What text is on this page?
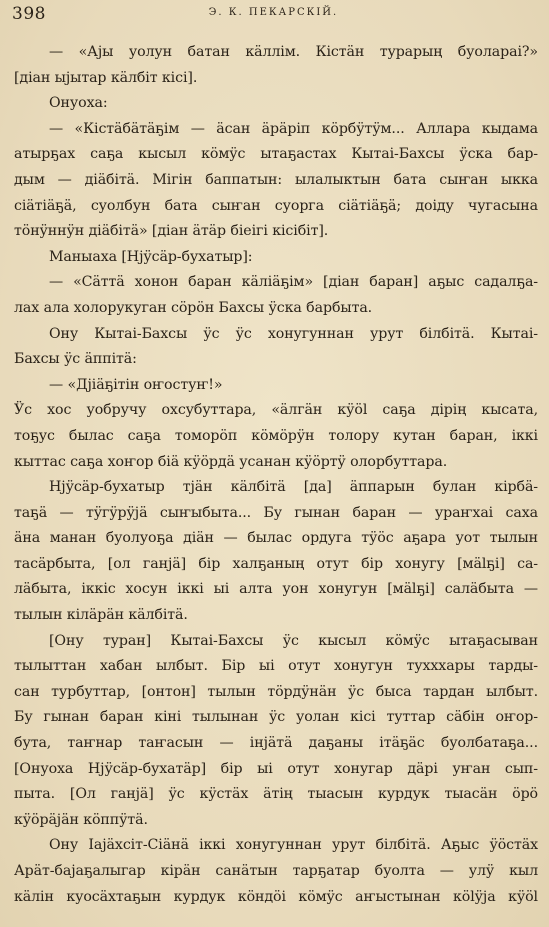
398	Э. К. ПЕКАРСКІЙ.
— «Аjы уолун батан кäллім. Кістäн турарың буоларai?»
[діан ыjытар кäлбіт кісі].
Онуоха:
— «Кістäбäтäҕім — äсан äрäріп кöрбӱтӱм... Аллара кыдама
атырҕах саҕа кысыл кöмӱс ытаҕастах Кытаі-Бахсы ӱска бар-
дым — діäбітä. Мігін баппатын: ылалыктын бата сыҥан ыкка
сіäтіäҕä, суолбун бата сыҥан суорга сіäтіäҕä; доіду чугасына
тöнӱннӱн діäбітä» [діан äтäр біеігі кісібіт].
Маныаха [Нjӱсäр-бухатыр]:
— «Сäттä хонон баран кäліäҕім» [діан баран] аҕыс садалҕа-
лах ала холорукуган сöрöн Бахсы ӱска барбыта.
Ону Кытаі-Бахсы ӱс ӱс хонугуннан урут білбітä. Кытаі-
Бахсы ӱс äппітä:
— «Дjiäҕітін оҥостуҥ!»
Ӱс хос уобручу охсубуттара, «äлгäн кӱöl саҕа дірің кысата,
тоҕус былас саҕа томорöп кöмöрӱн толору кутан баран, іккі
кыттас саҕа хоҥор біä кӱöрдä усанан кӱöртӱ олорбуттара.
Нjӱсäр-бухатыр тjäн кäлбітä [да] äппарын булан кірбä-
таҕä — тӱгӱрӱjä сыҥыбыта... Бу гынан баран — ураҥхаі саха
äна манан буолуоҕа діäн — былас ордуга тӱöс аҕара уот тылын
тасäрбыта, [ол ганjä] бір халҕаның отут бір хонугу [мälҕі] са-
лäбыта, іккіс хосун іккі ыі алта уон хонугун [мälҕі] салäбыта —
тылын кілäрäн кäлбітä.
[Ону туран] Кытаі-Бахсы ӱс кысыл кöмӱс ытаҕасыван
тылыттан хабан ылбыт. Бір ыі отут хонугун тухххары тарды-
сан турбуттар, [онтон] тылын тöрдӱнäн ӱс быса тардан ылбыт.
Бу гынан баран кіні тылынан ӱс уолан кісі туттар сäбін оҥор-
бута, таҥнар таҥасын — інjäтä даҕаны ітäҕäс буолбатаҕа...
[Онуоха Нjӱсäр-бухатäр] бір ыі отут хонугар дäрі уҥан сып-
пыта. [Ол ганjä] ӱс кӱстäх äтің тыасын курдук тыасäн öрö
кӱöрäjäн кöппӱтä.
Ону Іаjäхсіт-Сіäнä іккі хонугуннан урут білбітä. Аҕыс ӱöстäх
Арäт-баjаҕалыгар кірäн санäтын тарҕатар буолта — улӱ кыл
кäлін куосäхтаҕын курдук кöндöі кöмӱс аҥыстынан кölӱjа кӱöl
